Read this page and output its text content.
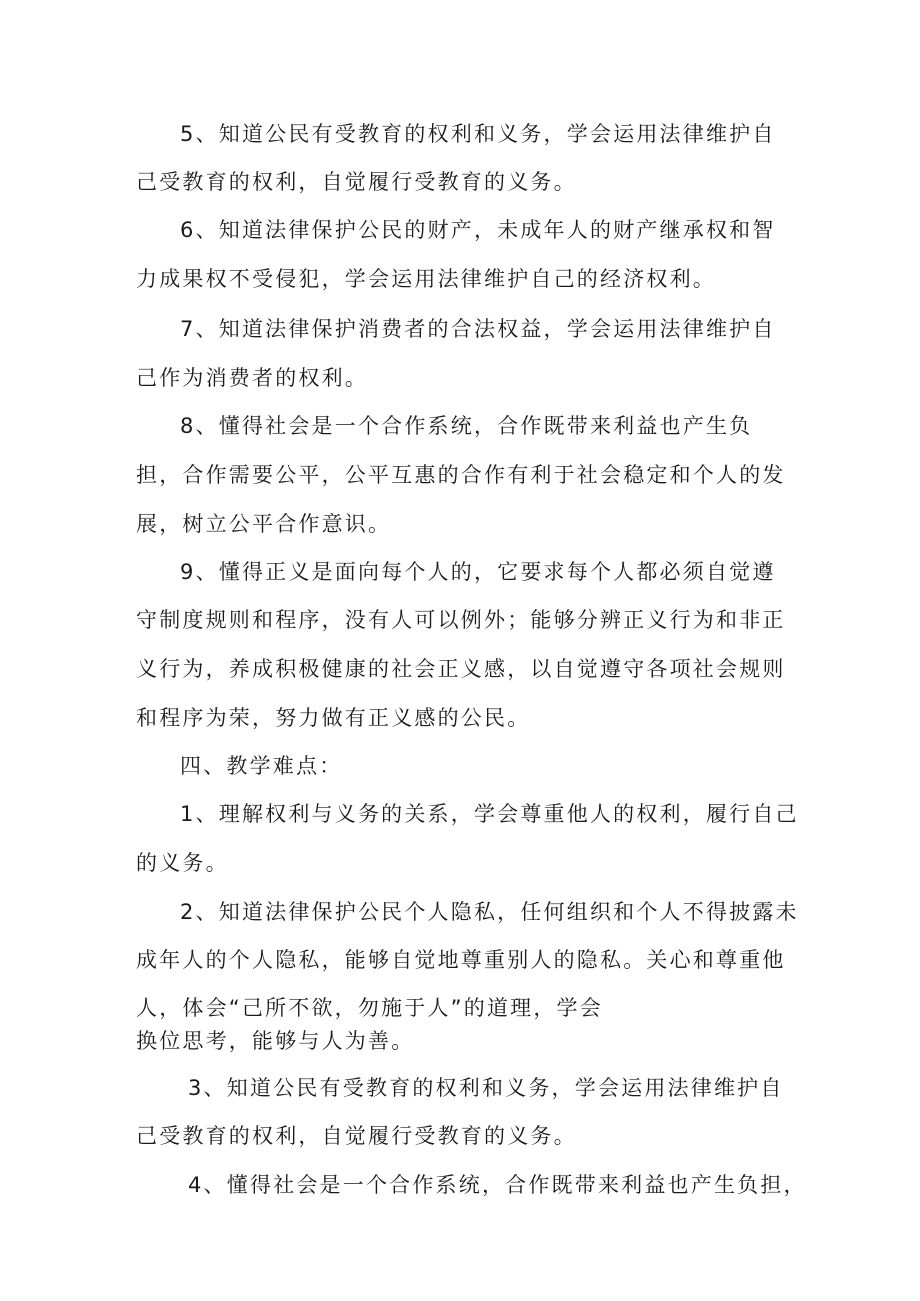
5、知道公民有受教育的权利和义务，学会运用法律维护自
己受教育的权利，自觉履行受教育的义务。
6、知道法律保护公民的财产，未成年人的财产继承权和智
力成果权不受侵犯，学会运用法律维护自己的经济权利。
7、知道法律保护消费者的合法权益，学会运用法律维护自
己作为消费者的权利。
8、懂得社会是一个合作系统，合作既带来利益也产生负
担，合作需要公平，公平互惠的合作有利于社会稳定和个人的发
展，树立公平合作意识。
9、懂得正义是面向每个人的，它要求每个人都必须自觉遵
守制度规则和程序，没有人可以例外；能够分辨正义行为和非正
义行为，养成积极健康的社会正义感，以自觉遵守各项社会规则
和程序为荣，努力做有正义感的公民。
四、教学难点：
1、理解权利与义务的关系，学会尊重他人的权利，履行自己
的义务。
2、知道法律保护公民个人隐私，任何组织和个人不得披露未
成年人的个人隐私，能够自觉地尊重别人的隐私。关心和尊重他
人，体会“己所不欲，勿施于人”的道理，学会
换位思考，能够与人为善。
3、知道公民有受教育的权利和义务，学会运用法律维护自
己受教育的权利，自觉履行受教育的义务。
4、懂得社会是一个合作系统，合作既带来利益也产生负担，
